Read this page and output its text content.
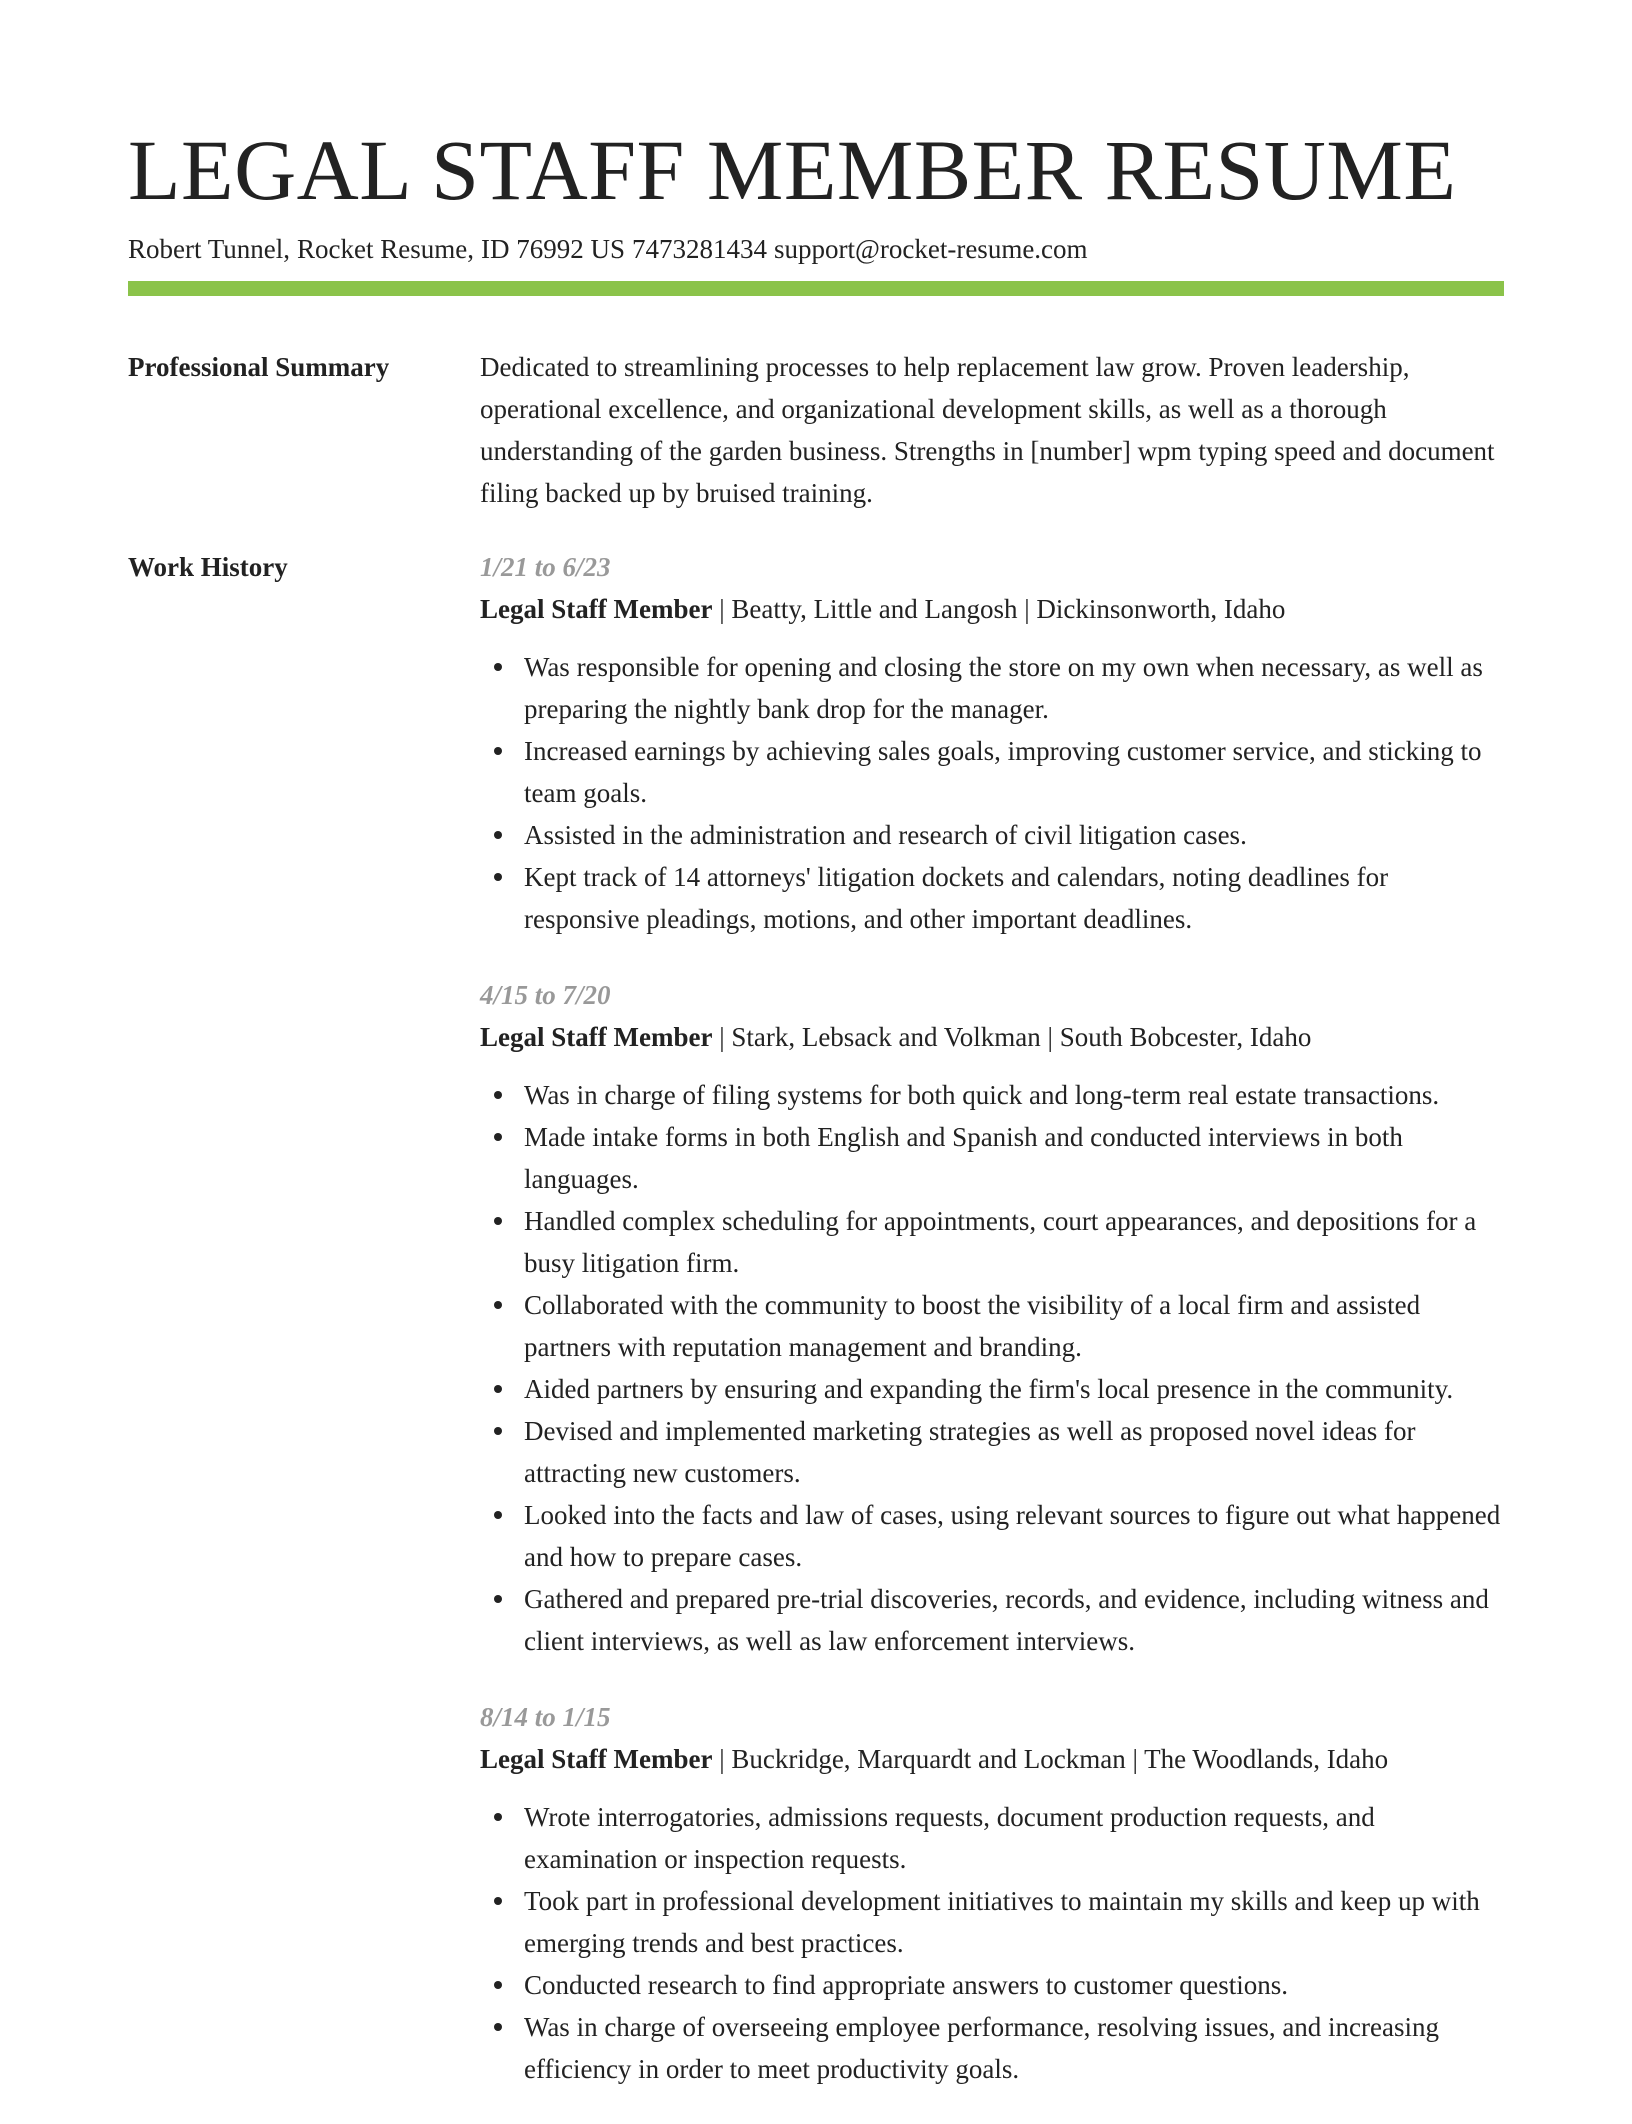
LEGAL STAFF MEMBER RESUME
Robert Tunnel, Rocket Resume, ID 76992 US 7473281434 support@rocket-resume.com
Professional Summary	Dedicated to streamlining processes to help replacement law grow. Proven leadership, operational excellence, and organizational development skills, as well as a thorough understanding of the garden business. Strengths in [number] wpm typing speed and document filing backed up by bruised training.

Work History	1/21 to 6/23
Legal Staff Member | Beatty, Little and Langosh | Dickinsonworth, Idaho
Was responsible for opening and closing the store on my own when necessary, as well as preparing the nightly bank drop for the manager.
Increased earnings by achieving sales goals, improving customer service, and sticking to team goals.
Assisted in the administration and research of civil litigation cases.
Kept track of 14 attorneys' litigation dockets and calendars, noting deadlines for responsive pleadings, motions, and other important deadlines.
4/15 to 7/20
Legal Staff Member | Stark, Lebsack and Volkman | South Bobcester, Idaho
Was in charge of filing systems for both quick and long-term real estate transactions.
Made intake forms in both English and Spanish and conducted interviews in both languages.
Handled complex scheduling for appointments, court appearances, and depositions for a busy litigation firm.
Collaborated with the community to boost the visibility of a local firm and assisted partners with reputation management and branding.
Aided partners by ensuring and expanding the firm's local presence in the community.
Devised and implemented marketing strategies as well as proposed novel ideas for attracting new customers.
Looked into the facts and law of cases, using relevant sources to figure out what happened and how to prepare cases.
Gathered and prepared pre-trial discoveries, records, and evidence, including witness and client interviews, as well as law enforcement interviews.
8/14 to 1/15
Legal Staff Member | Buckridge, Marquardt and Lockman | The Woodlands, Idaho
Wrote interrogatories, admissions requests, document production requests, and examination or inspection requests.
Took part in professional development initiatives to maintain my skills and keep up with emerging trends and best practices.
Conducted research to find appropriate answers to customer questions.
Was in charge of overseeing employee performance, resolving issues, and increasing efficiency in order to meet productivity goals.
